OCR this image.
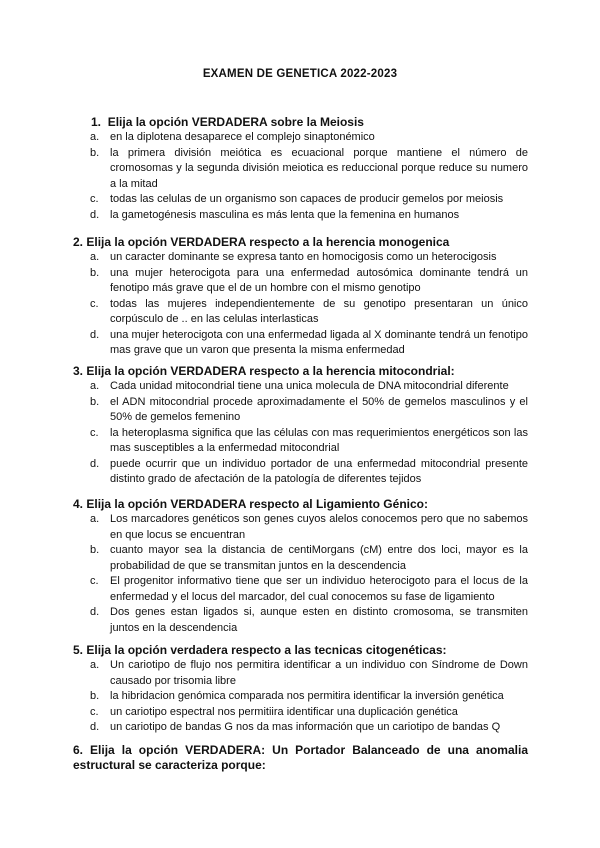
EXAMEN DE GENETICA 2022-2023

1. Elija la opción VERDADERA sobre la Meiosis

a. en la diplotena desaparece el complejo sinaptonémico
b. la primera división meiótica es ecuacional porque mantiene el número de cromosomas y la segunda división meiotica es reduccional porque reduce su numero a la mitad
c. todas las celulas de un organismo son capaces de producir gemelos por meiosis
d. la gametogénesis masculina es más lenta que la femenina en humanos

2. Elija la opción VERDADERA respecto a la herencia monogenica

a. un caracter dominante se expresa tanto en homocigosis como un heterocigosis
b. una mujer heterocigota para una enfermedad autosómica dominante tendrá un fenotipo más grave que el de un hombre con el mismo genotipo
c. todas las mujeres independientemente de su genotipo presentaran un único corpúsculo de .. en las celulas interlasticas
d. una mujer heterocigota con una enfermedad ligada al X dominante tendrá un fenotipo mas grave que un varon que presenta la misma enfermedad

3. Elija la opción VERDADERA respecto a la herencia mitocondrial:

a. Cada unidad mitocondrial tiene una unica molecula de DNA mitocondrial diferente
b. el ADN mitocondrial procede aproximadamente el 50% de gemelos masculinos y el 50% de gemelos femenino
c. la heteroplasma significa que las células con mas requerimientos energéticos son las mas susceptibles a la enfermedad mitocondrial
d. puede ocurrir que un individuo portador de una enfermedad mitocondrial presente distinto grado de afectación de la patología de diferentes tejidos

4. Elija la opción VERDADERA respecto al Ligamiento Génico:

a. Los marcadores genéticos son genes cuyos alelos conocemos pero que no sabemos en que locus se encuentran
b. cuanto mayor sea la distancia de centiMorgans (cM) entre dos loci, mayor es la probabilidad de que se transmitan juntos en la descendencia
c. El progenitor informativo tiene que ser un individuo heterocigoto para el locus de la enfermedad y el locus del marcador, del cual conocemos su fase de ligamiento
d. Dos genes estan ligados si, aunque esten en distinto cromosoma, se transmiten juntos en la descendencia

5. Elija la opción verdadera respecto a las tecnicas citogenéticas:

a. Un cariotipo de flujo nos permitira identificar a un individuo con Síndrome de Down causado por trisomia libre
b. la hibridacion genómica comparada nos permitira identificar la inversión genética
c. un cariotipo espectral nos permitiira identificar una duplicación genética
d. un cariotipo de bandas G nos da mas información que un cariotipo de bandas Q

6. Elija la opción VERDADERA: Un Portador Balanceado de una anomalia estructural se caracteriza porque:
